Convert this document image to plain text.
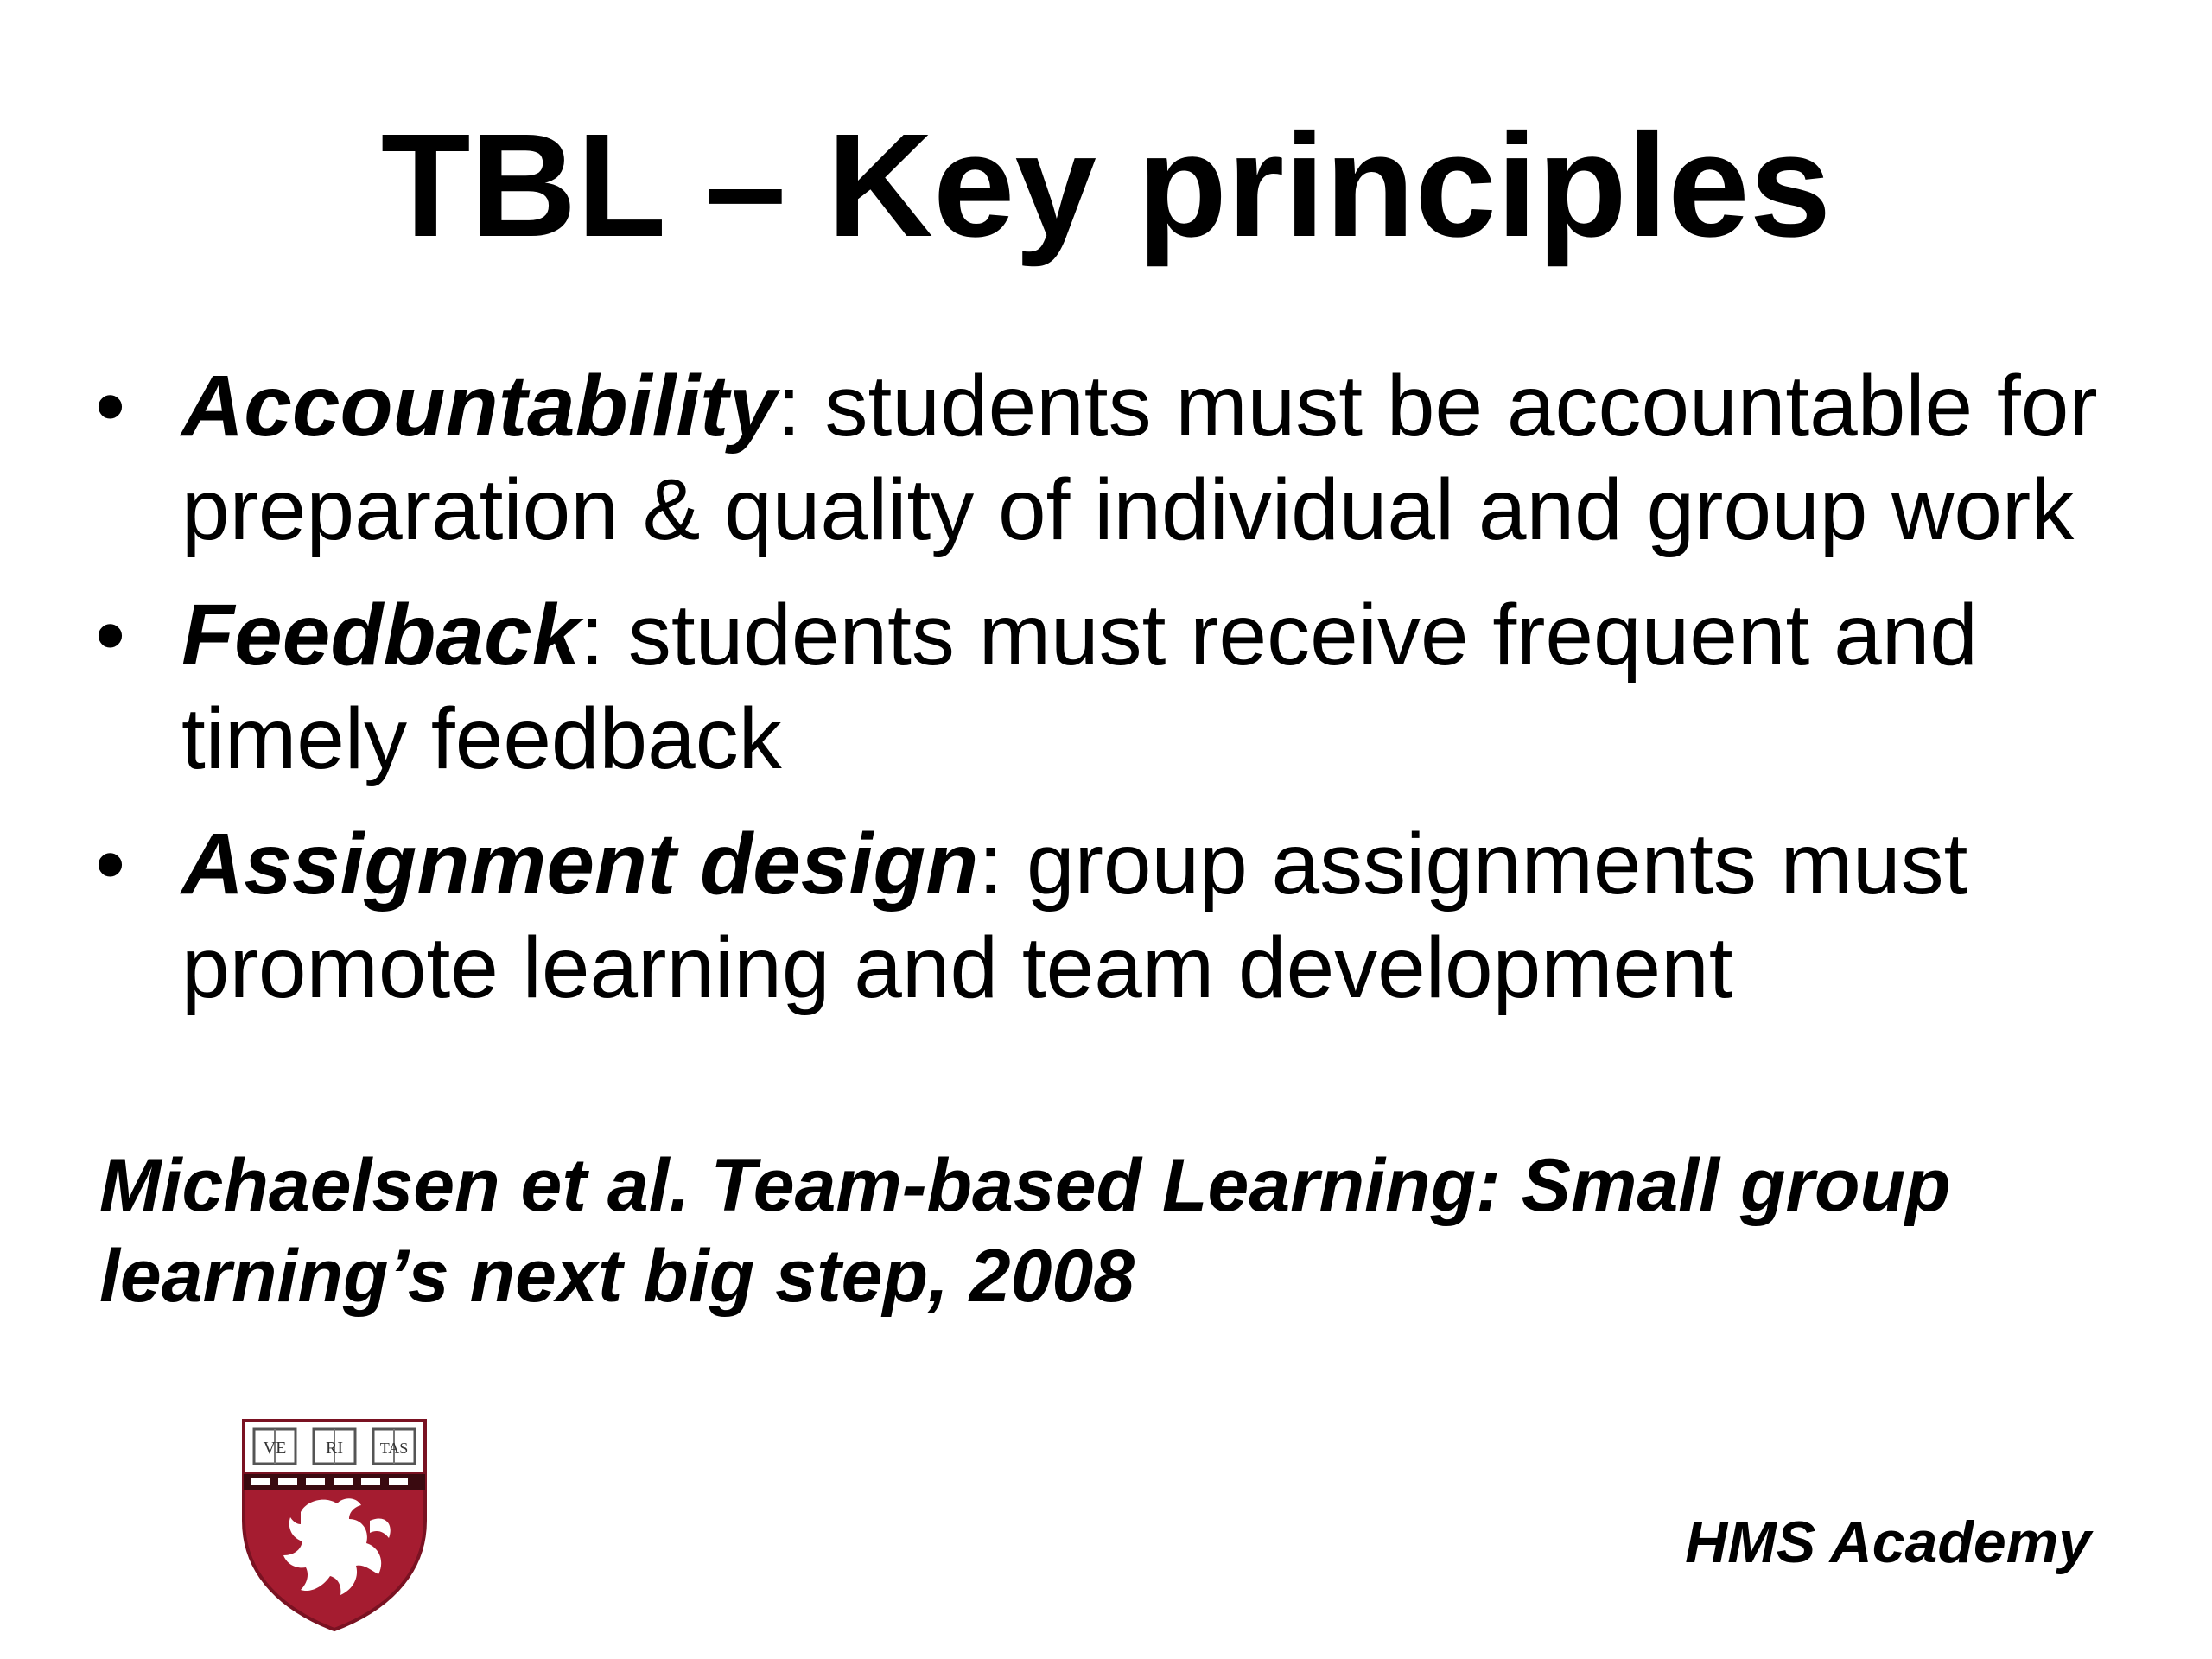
TBL – Key principles
• Accountability: students must be accountable for preparation & quality of individual and group work
• Feedback: students must receive frequent and timely feedback
• Assignment design: group assignments must promote learning and team development

Michaelsen et al. Team-based Learning: Small group learning’s next big step, 2008

VE RI TAS

HMS Academy
